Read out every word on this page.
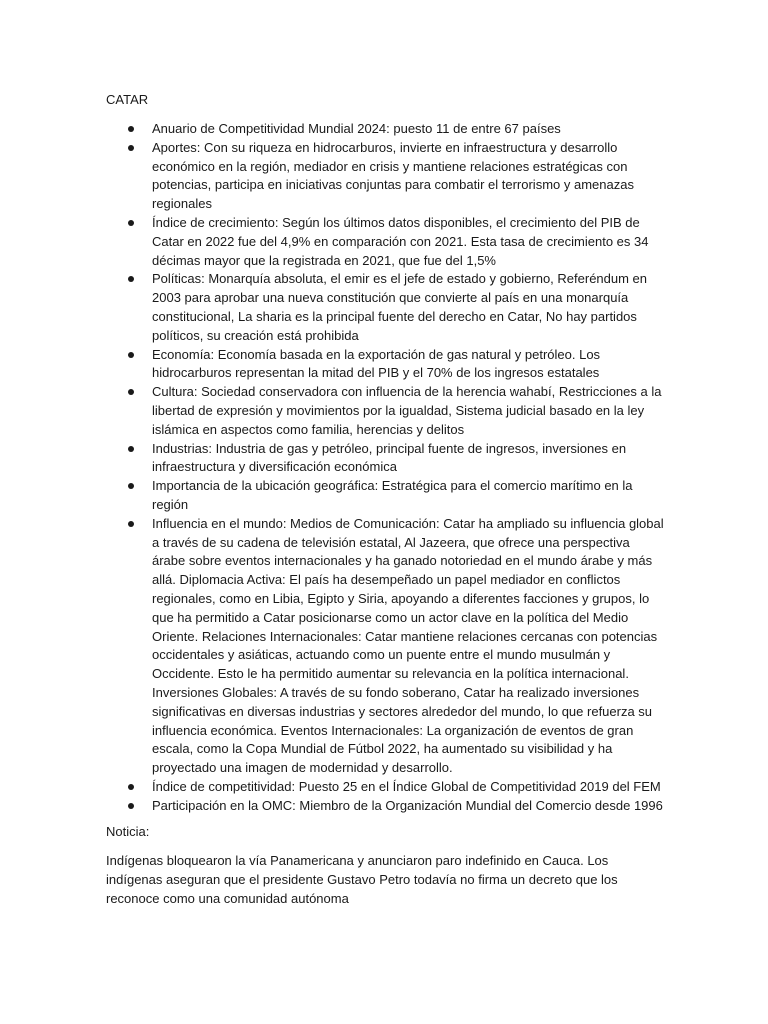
CATAR
Anuario de Competitividad Mundial 2024: puesto 11 de entre 67 países
Aportes: Con su riqueza en hidrocarburos, invierte en infraestructura y desarrollo económico en la región, mediador en crisis y mantiene relaciones estratégicas con potencias, participa en iniciativas conjuntas para combatir el terrorismo y amenazas regionales
Índice de crecimiento: Según los últimos datos disponibles, el crecimiento del PIB de Catar en 2022 fue del 4,9% en comparación con 2021. Esta tasa de crecimiento es 34 décimas mayor que la registrada en 2021, que fue del 1,5%
Políticas: Monarquía absoluta, el emir es el jefe de estado y gobierno, Referéndum en 2003 para aprobar una nueva constitución que convierte al país en una monarquía constitucional, La sharia es la principal fuente del derecho en Catar, No hay partidos políticos, su creación está prohibida
Economía: Economía basada en la exportación de gas natural y petróleo. Los hidrocarburos representan la mitad del PIB y el 70% de los ingresos estatales
Cultura: Sociedad conservadora con influencia de la herencia wahabí, Restricciones a la libertad de expresión y movimientos por la igualdad, Sistema judicial basado en la ley islámica en aspectos como familia, herencias y delitos
Industrias: Industria de gas y petróleo, principal fuente de ingresos, inversiones en infraestructura y diversificación económica
Importancia de la ubicación geográfica: Estratégica para el comercio marítimo en la región
Influencia en el mundo: Medios de Comunicación: Catar ha ampliado su influencia global a través de su cadena de televisión estatal, Al Jazeera, que ofrece una perspectiva árabe sobre eventos internacionales y ha ganado notoriedad en el mundo árabe y más allá. Diplomacia Activa: El país ha desempeñado un papel mediador en conflictos regionales, como en Libia, Egipto y Siria, apoyando a diferentes facciones y grupos, lo que ha permitido a Catar posicionarse como un actor clave en la política del Medio Oriente. Relaciones Internacionales: Catar mantiene relaciones cercanas con potencias occidentales y asiáticas, actuando como un puente entre el mundo musulmán y Occidente. Esto le ha permitido aumentar su relevancia en la política internacional. Inversiones Globales: A través de su fondo soberano, Catar ha realizado inversiones significativas en diversas industrias y sectores alrededor del mundo, lo que refuerza su influencia económica. Eventos Internacionales: La organización de eventos de gran escala, como la Copa Mundial de Fútbol 2022, ha aumentado su visibilidad y ha proyectado una imagen de modernidad y desarrollo.
Índice de competitividad: Puesto 25 en el Índice Global de Competitividad 2019 del FEM
Participación en la OMC: Miembro de la Organización Mundial del Comercio desde 1996

Noticia:

Indígenas bloquearon la vía Panamericana y anunciaron paro indefinido en Cauca. Los indígenas aseguran que el presidente Gustavo Petro todavía no firma un decreto que los reconoce como una comunidad autónoma
